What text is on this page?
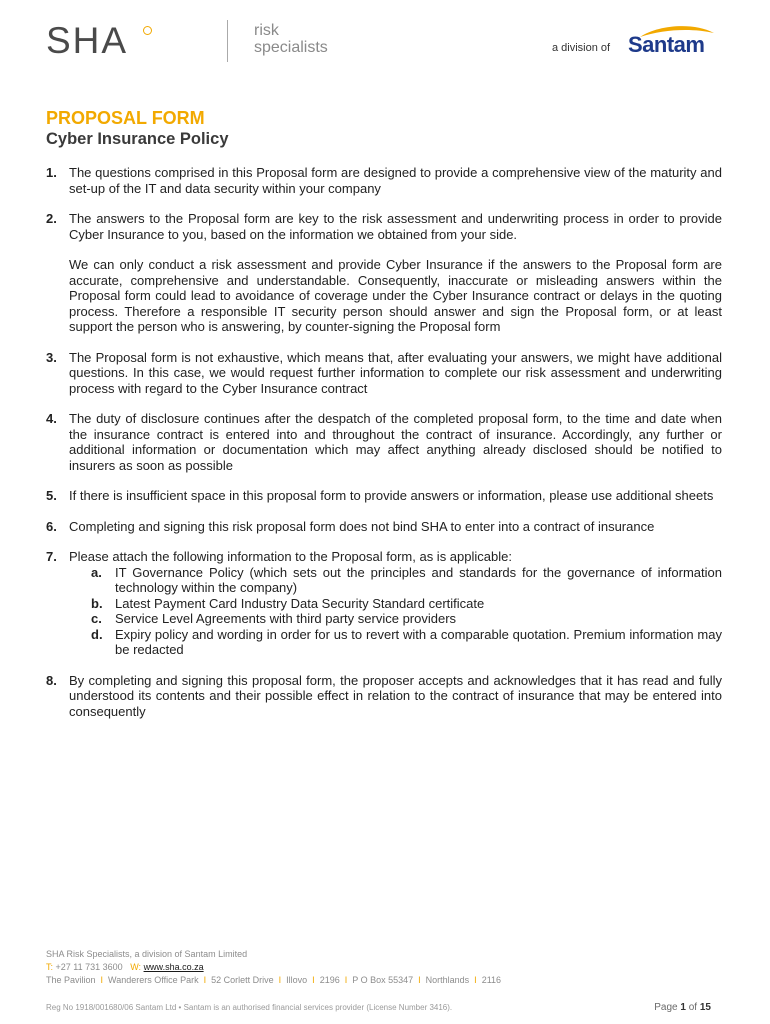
SHA	risk
specialists	a division of Santam
PROPOSAL FORM
Cyber Insurance Policy
1. The questions comprised in this Proposal form are designed to provide a comprehensive view of the maturity and set-up of the IT and data security within your company

2. The answers to the Proposal form are key to the risk assessment and underwriting process in order to provide Cyber Insurance to you, based on the information we obtained from your side.

We can only conduct a risk assessment and provide Cyber Insurance if the answers to the Proposal form are accurate, comprehensive and understandable. Consequently, inaccurate or misleading answers within the Proposal form could lead to avoidance of coverage under the Cyber Insurance contract or delays in the quoting process. Therefore a responsible IT security person should answer and sign the Proposal form, or at least support the person who is answering, by counter-signing the Proposal form

3. The Proposal form is not exhaustive, which means that, after evaluating your answers, we might have additional questions. In this case, we would request further information to complete our risk assessment and underwriting process with regard to the Cyber Insurance contract

4. The duty of disclosure continues after the despatch of the completed proposal form, to the time and date when the insurance contract is entered into and throughout the contract of insurance. Accordingly, any further or additional information or documentation which may affect anything already disclosed should be notified to insurers as soon as possible

5. If there is insufficient space in this proposal form to provide answers or information, please use additional sheets

6. Completing and signing this risk proposal form does not bind SHA to enter into a contract of insurance

7. Please attach the following information to the Proposal form, as is applicable:

a. IT Governance Policy (which sets out the principles and standards for the governance of information technology within the company)
b. Latest Payment Card Industry Data Security Standard certificate
c. Service Level Agreements with third party service providers
d. Expiry policy and wording in order for us to revert with a comparable quotation. Premium information may be redacted
8. By completing and signing this proposal form, the proposer accepts and acknowledges that it has read and fully understood its contents and their possible effect in relation to the contract of insurance that may be entered into consequently

SHA Risk Specialists, a division of Santam Limited
T: +27 11 731 3600 W: www.sha.co.za
The Pavilion I Wanderers Office Park I 52 Corlett Drive I Illovo I 2196 I P O Box 55347 I Northlands I 2116
Reg No 1918/001680/06 Santam Ltd • Santam is an authorised financial services provider (License Number 3416).	Page 1 of 15
